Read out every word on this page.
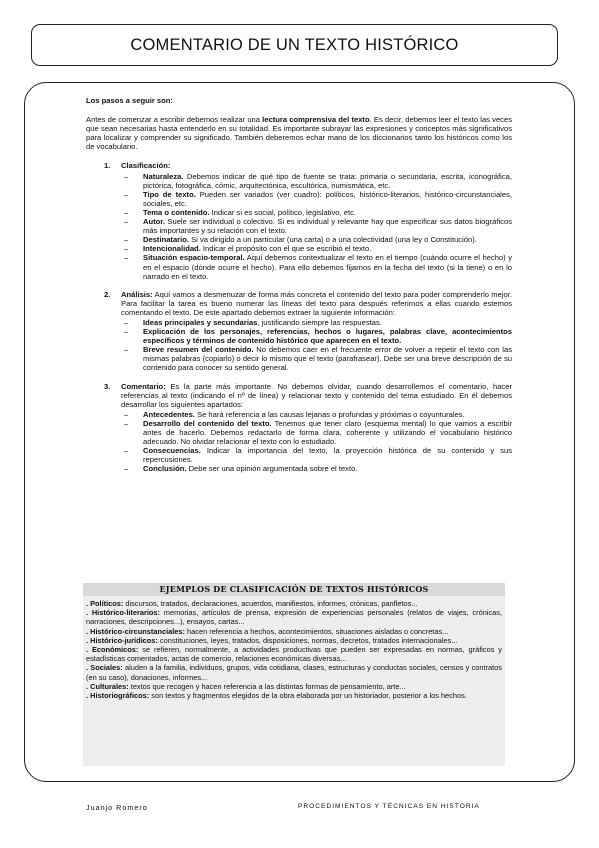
COMENTARIO DE UN TEXTO HISTÓRICO
Los pasos a seguir son:

Antes de comenzar a escribir debemos realizar una lectura comprensiva del texto. Es decir, debemos leer el texto las veces que sean necesarias hasta entenderlo en su totalidad. Es importante subrayar las expresiones y conceptos más significativos para localizar y comprender su significado. También deberemos echar mano de los diccionarios tanto los históricos como los de vocabulario.

1.	Clasificación:
–	Naturaleza. Debemos indicar de qué tipo de fuente se trata: primaria o secundaria, escrita, iconográfica, pictórica, fotográfica, cómic, arquitectónica, escultórica, numismática, etc.
–	Tipo de texto. Pueden ser variados (ver cuadro): políticos, histórico-literarios, histórico-circunstanciales, sociales, etc.
–	Tema o contenido. Indicar si es social, político, legislativo, etc.
–	Autor. Suele ser individual o colectivo. Si es individual y relevante hay que especificar sus datos biográficos más importantes y su relación con el texto.
–	Destinatario. Si va dirigido a un particular (una carta) o a una colectividad (una ley o Constitución).
–	Intencionalidad. Indicar el propósito con el que se escribió el texto.
–	Situación espacio-temporal. Aquí debemos contextualizar el texto en el tiempo (cuándo ocurre el hecho) y en el espacio (dónde ocurre el hecho). Para ello debemos fijarnos en la fecha del texto (si la tiene) o en lo narrado en el texto.
2.	Análisis: Aquí vamos a desmenuzar de forma más concreta el contenido del texto para poder comprenderlo mejor. Para facilitar la tarea es bueno numerar las líneas del texto para después referirnos a ellas cuando estemos comentando el texto. De este apartado debemos extraer la siguiente información:
–	Ideas principales y secundarias, justificando siempre las respuestas.
–	Explicación de los personajes, referencias, hechos o lugares, palabras clave, acontecimientos específicos y términos de contenido histórico que aparecen en el texto.
–	Breve resumen del contenido. No debemos caer en el frecuente error de volver a repetir el texto con las mismas palabras (copiarlo) o decir lo mismo que el texto (parafrasear). Debe ser una breve descripción de su contenido para conocer su sentido general.
3.	Comentario: Es la parte más importante. No debemos olvidar, cuando desarrollemos el comentario, hacer referencias al texto (indicando el nº de línea) y relacionar texto y contenido del tema estudiado. En él debemos desarrollar los siguientes apartados:
–	Antecedentes. Se hará referencia a las causas lejanas o profundas y próximas o coyunturales.
–	Desarrollo del contenido del texto. Tenemos que tener claro (esquema mental) lo que vamos a escribir antes de hacerlo. Debemos redactarlo de forma clara, coherente y utilizando el vocabulario histórico adecuado. No olvidar relacionar el texto con lo estudiado.
–	Consecuencias. Indicar la importancia del texto, la proyección histórica de su contenido y sus repercusiones.
–	Conclusión. Debe ser una opinión argumentada sobre el texto.
EJEMPLOS DE CLASIFICACIÓN DE TEXTOS HISTÓRICOS
. Políticos: discursos, tratados, declaraciones, acuerdos, manifiestos, informes, crónicas, panfletos...
. Histórico-literarios: memorias, artículos de prensa, expresión de experiencias personales (relatos de viajes, crónicas, narraciones, descripciones...), ensayos, cartas...
. Histórico-circunstanciales: hacen referencia a hechos, acontecimientos, situaciones aisladas o concretas...
. Histórico-jurídicos: constituciones, leyes, tratados, disposiciones, normas, decretos, tratados internacionales...
. Económicos: se refieren, normalmente, a actividades productivas que pueden ser expresadas en normas, gráficos y estadísticas comentados, actas de comercio, relaciones económicas diversas...
. Sociales: aluden a la familia, individuos, grupos, vida cotidiana, clases, estructuras y conductas sociales, censos y contratos (en su caso), donaciones, informes...
. Culturales: textos que recogen y hacen referencia a las distintas formas de pensamiento, arte...
. Historiográficos: son textos y fragmentos elegidos de la obra elaborada por un historiador, posterior a los hechos.
Juanjo Romero	PROCEDIMIENTOS Y TÉCNICAS EN HISTORIA
